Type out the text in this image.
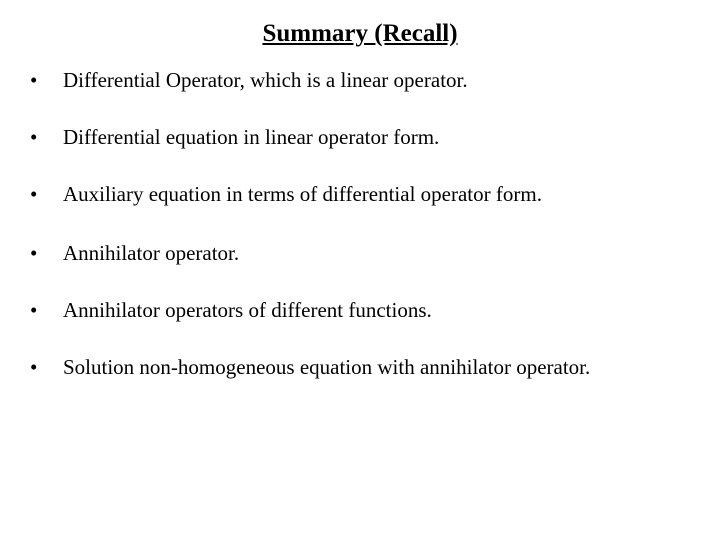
Summary (Recall)
• Differential Operator, which is a linear operator.
• Differential equation in linear operator form.
• Auxiliary equation in terms of differential operator form.
• Annihilator operator.
• Annihilator operators of different functions.
• Solution non-homogeneous equation with annihilator operator.
